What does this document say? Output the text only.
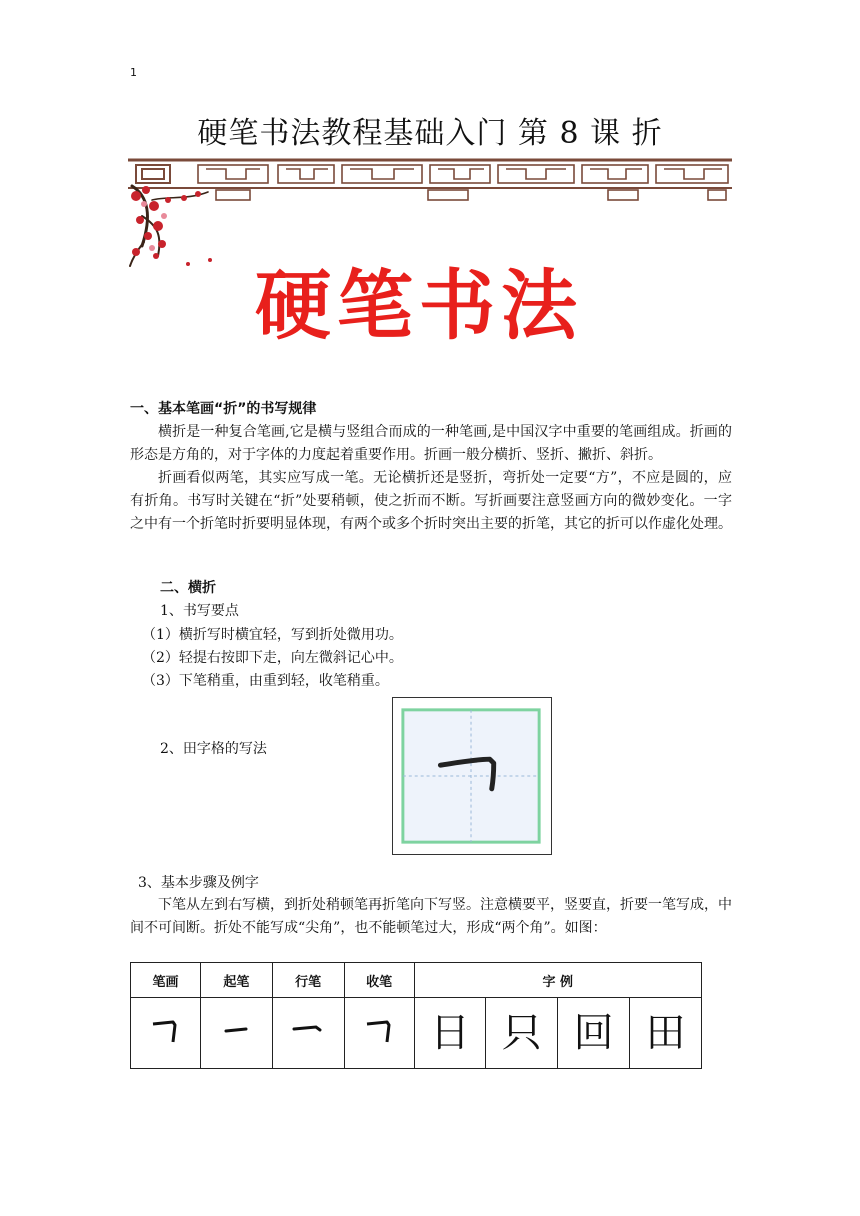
1
硬笔书法教程基础入门 第 8 课 折
硬笔书法
一、基本笔画“折”的书写规律
横折是一种复合笔画,它是横与竖组合而成的一种笔画,是中国汉字中重要的笔画组成。折画的形态是方角的，对于字体的力度起着重要作用。折画一般分横折、竖折、撇折、斜折。
折画看似两笔，其实应写成一笔。无论横折还是竖折，弯折处一定要“方”，不应是圆的，应有折角。书写时关键在“折”处要稍顿，使之折而不断。写折画要注意竖画方向的微妙变化。一字之中有一个折笔时折要明显体现，有两个或多个折时突出主要的折笔，其它的折可以作虚化处理。
二、横折
1、书写要点
（1）横折写时横宜轻，写到折处微用功。
（2）轻提右按即下走，向左微斜记心中。
（3）下笔稍重，由重到轻，收笔稍重。
2、田字格的写法
3、基本步骤及例字
下笔从左到右写横，到折处稍顿笔再折笔向下写竖。注意横要平，竖要直，折要一笔写成，中间不可间断。折处不能写成“尖角”，也不能顿笔过大，形成“两个角”。如图：
笔画	起笔	行笔	收笔	字 例			
				日	只	回	田
